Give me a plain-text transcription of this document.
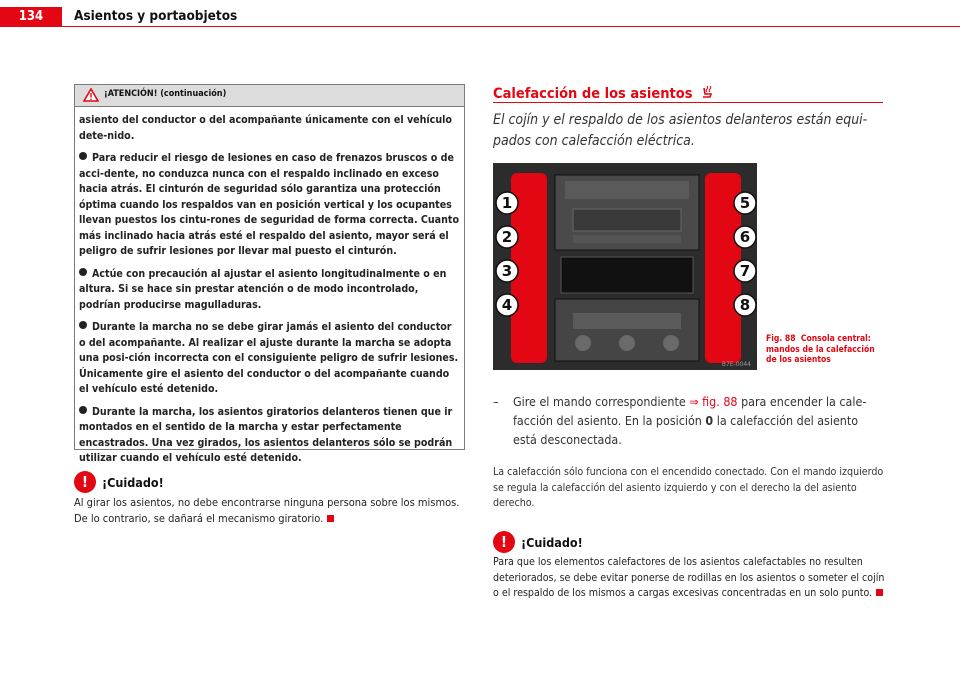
134	Asientos y portaobjetos
¡ATENCIÓN! (continuación)

asiento del conductor o del acompañante únicamente con el vehículo dete-nido.

Para reducir el riesgo de lesiones en caso de frenazos bruscos o de acci-dente, no conduzca nunca con el respaldo inclinado en exceso hacia atrás. El cinturón de seguridad sólo garantiza una protección óptima cuando los respaldos van en posición vertical y los ocupantes llevan puestos los cintu-rones de seguridad de forma correcta. Cuanto más inclinado hacia atrás esté el respaldo del asiento, mayor será el peligro de sufrir lesiones por llevar mal puesto el cinturón.

Actúe con precaución al ajustar el asiento longitudinalmente o en altura. Si se hace sin prestar atención o de modo incontrolado, podrían producirse magulladuras.

Durante la marcha no se debe girar jamás el asiento del conductor o del acompañante. Al realizar el ajuste durante la marcha se adopta una posi-ción incorrecta con el consiguiente peligro de sufrir lesiones. Únicamente gire el asiento del conductor o del acompañante cuando el vehículo esté detenido.

Durante la marcha, los asientos giratorios delanteros tienen que ir montados en el sentido de la marcha y estar perfectamente encastrados. Una vez girados, los asientos delanteros sólo se podrán utilizar cuando el vehículo esté detenido.

!	¡Cuidado!
Al girar los asientos, no debe encontrarse ninguna persona sobre los mismos. De lo contrario, se dañará el mecanismo giratorio.
Calefacción de los asientos
El cojín y el respaldo de los asientos delanteros están equi-pados con calefacción eléctrica.
1
2
3
4
5
6
7
8
B7E-0044
Fig. 88 Consola central: mandos de la calefacción de los asientos
– Gire el mando correspondiente ⇒ fig. 88 para encender la cale-facción del asiento. En la posición 0 la calefacción del asiento está desconectada.
La calefacción sólo funciona con el encendido conectado. Con el mando izquierdo se regula la calefacción del asiento izquierdo y con el derecho la del asiento derecho.
!	¡Cuidado!
Para que los elementos calefactores de los asientos calefactables no resulten deteriorados, se debe evitar ponerse de rodillas en los asientos o someter el cojín o el respaldo de los mismos a cargas excesivas concentradas en un solo punto.
